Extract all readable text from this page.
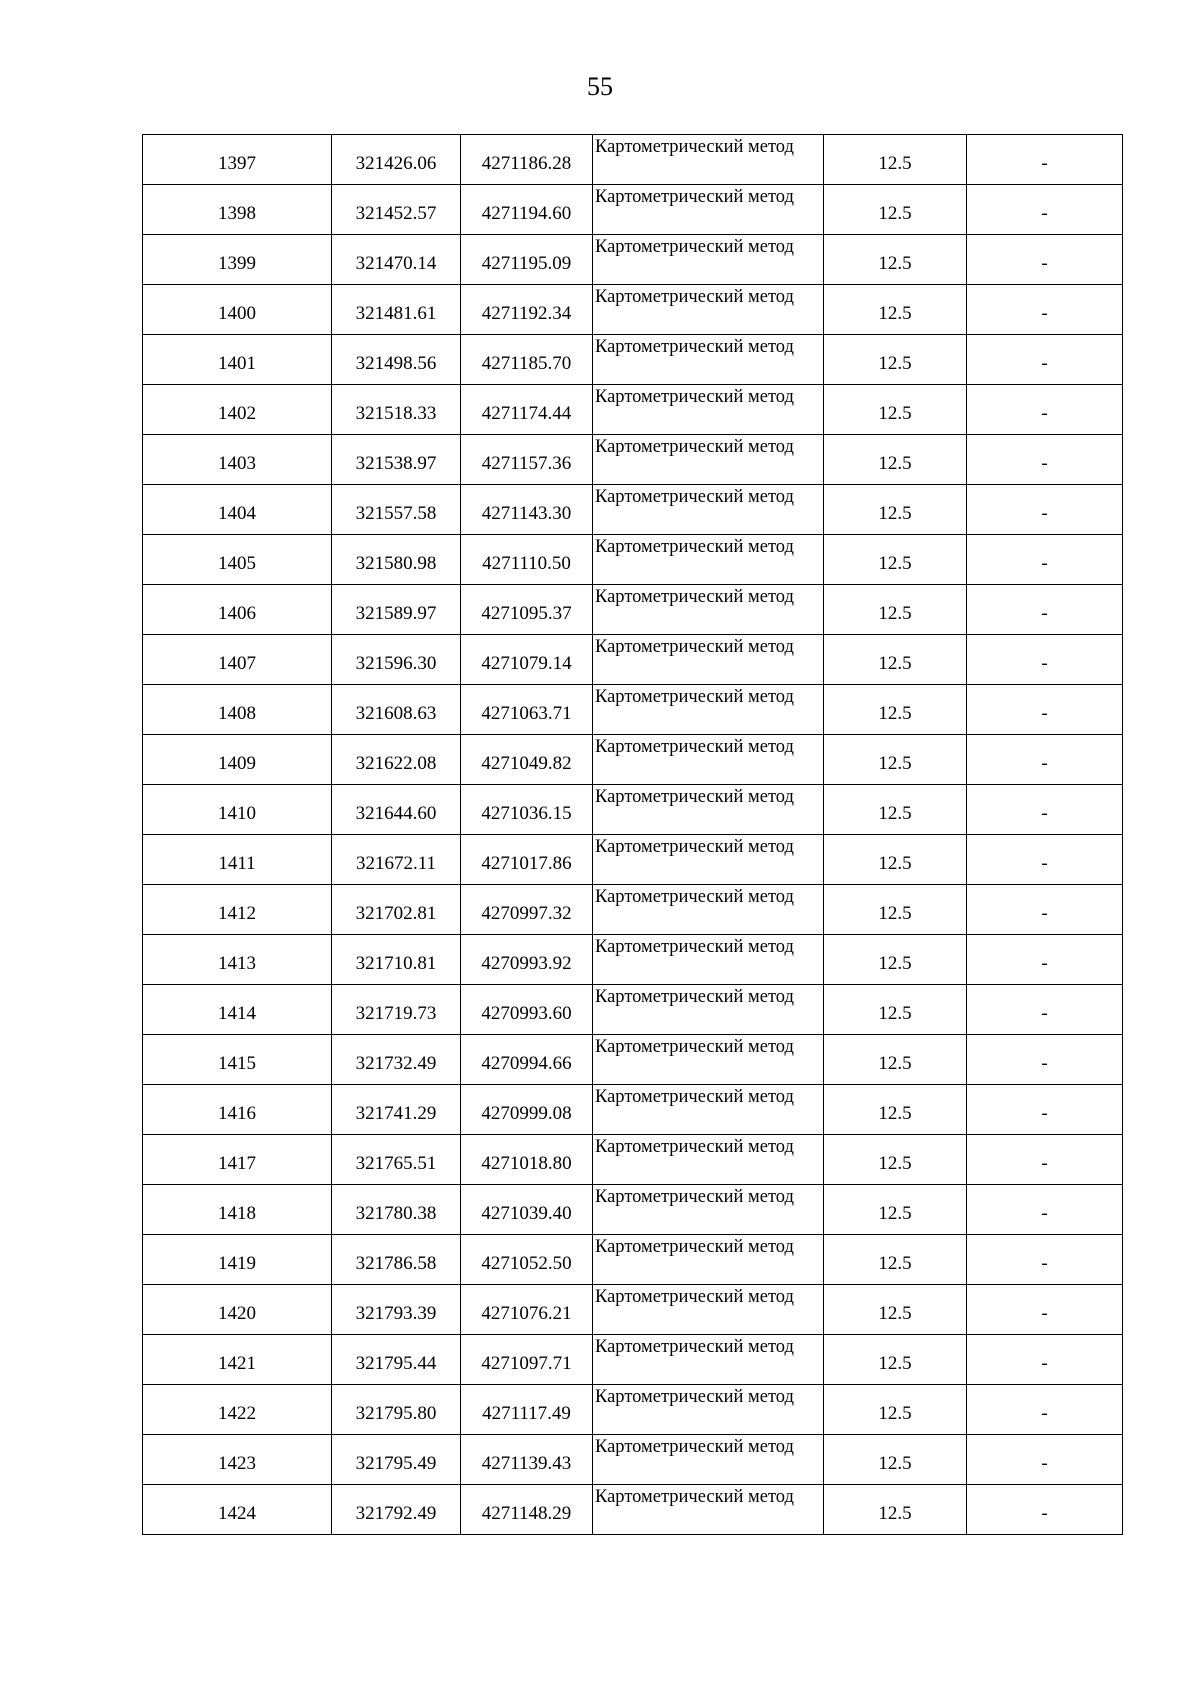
55
1397	321426.06	4271186.28	Картометрический метод	12.5	-
1398	321452.57	4271194.60	Картометрический метод	12.5	-
1399	321470.14	4271195.09	Картометрический метод	12.5	-
1400	321481.61	4271192.34	Картометрический метод	12.5	-
1401	321498.56	4271185.70	Картометрический метод	12.5	-
1402	321518.33	4271174.44	Картометрический метод	12.5	-
1403	321538.97	4271157.36	Картометрический метод	12.5	-
1404	321557.58	4271143.30	Картометрический метод	12.5	-
1405	321580.98	4271110.50	Картометрический метод	12.5	-
1406	321589.97	4271095.37	Картометрический метод	12.5	-
1407	321596.30	4271079.14	Картометрический метод	12.5	-
1408	321608.63	4271063.71	Картометрический метод	12.5	-
1409	321622.08	4271049.82	Картометрический метод	12.5	-
1410	321644.60	4271036.15	Картометрический метод	12.5	-
1411	321672.11	4271017.86	Картометрический метод	12.5	-
1412	321702.81	4270997.32	Картометрический метод	12.5	-
1413	321710.81	4270993.92	Картометрический метод	12.5	-
1414	321719.73	4270993.60	Картометрический метод	12.5	-
1415	321732.49	4270994.66	Картометрический метод	12.5	-
1416	321741.29	4270999.08	Картометрический метод	12.5	-
1417	321765.51	4271018.80	Картометрический метод	12.5	-
1418	321780.38	4271039.40	Картометрический метод	12.5	-
1419	321786.58	4271052.50	Картометрический метод	12.5	-
1420	321793.39	4271076.21	Картометрический метод	12.5	-
1421	321795.44	4271097.71	Картометрический метод	12.5	-
1422	321795.80	4271117.49	Картометрический метод	12.5	-
1423	321795.49	4271139.43	Картометрический метод	12.5	-
1424	321792.49	4271148.29	Картометрический метод	12.5	-
